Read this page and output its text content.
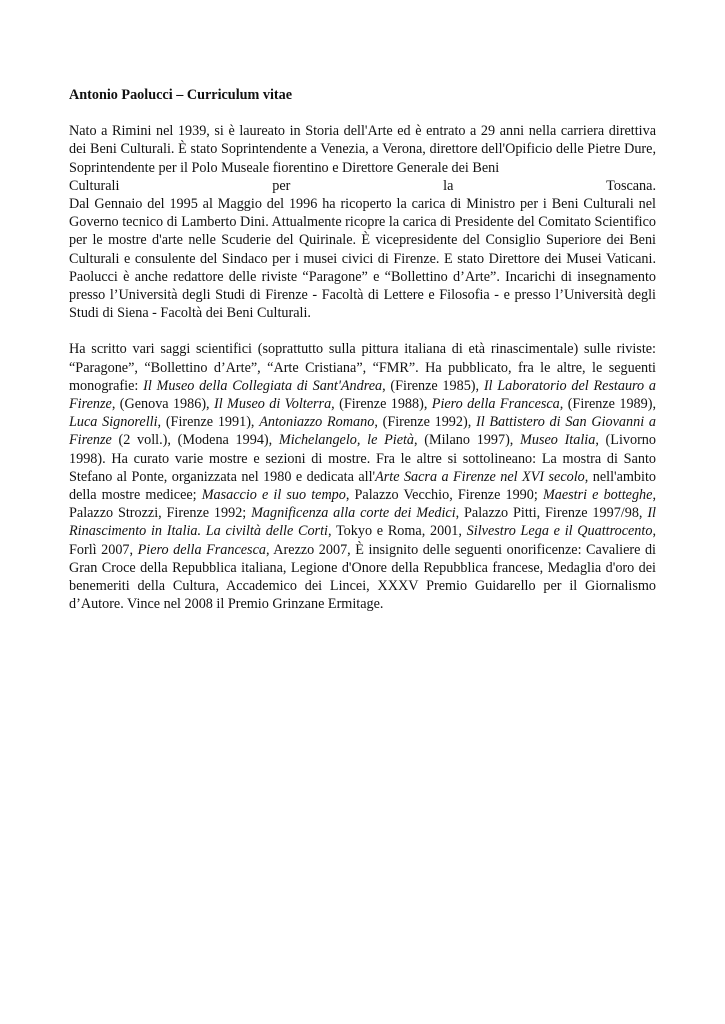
Antonio Paolucci – Curriculum vitae
Nato a Rimini nel 1939, si è laureato in Storia dell'Arte ed è entrato a 29 anni nella carriera direttiva dei Beni Culturali. È stato Soprintendente a Venezia, a Verona, direttore dell'Opificio delle Pietre Dure, Soprintendente per il Polo Museale fiorentino e Direttore Generale dei Beni
Culturali	per	la	Toscana.
Dal Gennaio del 1995 al Maggio del 1996 ha ricoperto la carica di Ministro per i Beni Culturali nel Governo tecnico di Lamberto Dini. Attualmente ricopre la carica di Presidente del Comitato Scientifico per le mostre d'arte nelle Scuderie del Quirinale. È vicepresidente del Consiglio Superiore dei Beni Culturali e consulente del Sindaco per i musei civici di Firenze. E stato Direttore dei Musei Vaticani. Paolucci è anche redattore delle riviste “Paragone” e “Bollettino d’Arte”. Incarichi di insegnamento presso l’Università degli Studi di Firenze - Facoltà di Lettere e Filosofia - e presso l’Università degli Studi di Siena - Facoltà dei Beni Culturali.
Ha scritto vari saggi scientifici (soprattutto sulla pittura italiana di età rinascimentale) sulle riviste: “Paragone”, “Bollettino d’Arte”, “Arte Cristiana”, “FMR”. Ha pubblicato, fra le altre, le seguenti monografie: Il Museo della Collegiata di Sant'Andrea, (Firenze 1985), Il Laboratorio del Restauro a Firenze, (Genova 1986), Il Museo di Volterra, (Firenze 1988), Piero della Francesca, (Firenze 1989), Luca Signorelli, (Firenze 1991), Antoniazzo Romano, (Firenze 1992), Il Battistero di San Giovanni a Firenze (2 voll.), (Modena 1994), Michelangelo, le Pietà, (Milano 1997), Museo Italia, (Livorno 1998). Ha curato varie mostre e sezioni di mostre. Fra le altre si sottolineano: La mostra di Santo Stefano al Ponte, organizzata nel 1980 e dedicata all'Arte Sacra a Firenze nel XVI secolo, nell'ambito della mostre medicee; Masaccio e il suo tempo, Palazzo Vecchio, Firenze 1990; Maestri e botteghe, Palazzo Strozzi, Firenze 1992; Magnificenza alla corte dei Medici, Palazzo Pitti, Firenze 1997/98, Il Rinascimento in Italia. La civiltà delle Corti, Tokyo e Roma, 2001, Silvestro Lega e il Quattrocento, Forlì 2007, Piero della Francesca, Arezzo 2007, È insignito delle seguenti onorificenze: Cavaliere di Gran Croce della Repubblica italiana, Legione d'Onore della Repubblica francese, Medaglia d'oro dei benemeriti della Cultura, Accademico dei Lincei, XXXV Premio Guidarello per il Giornalismo d’Autore. Vince nel 2008 il Premio Grinzane Ermitage.
